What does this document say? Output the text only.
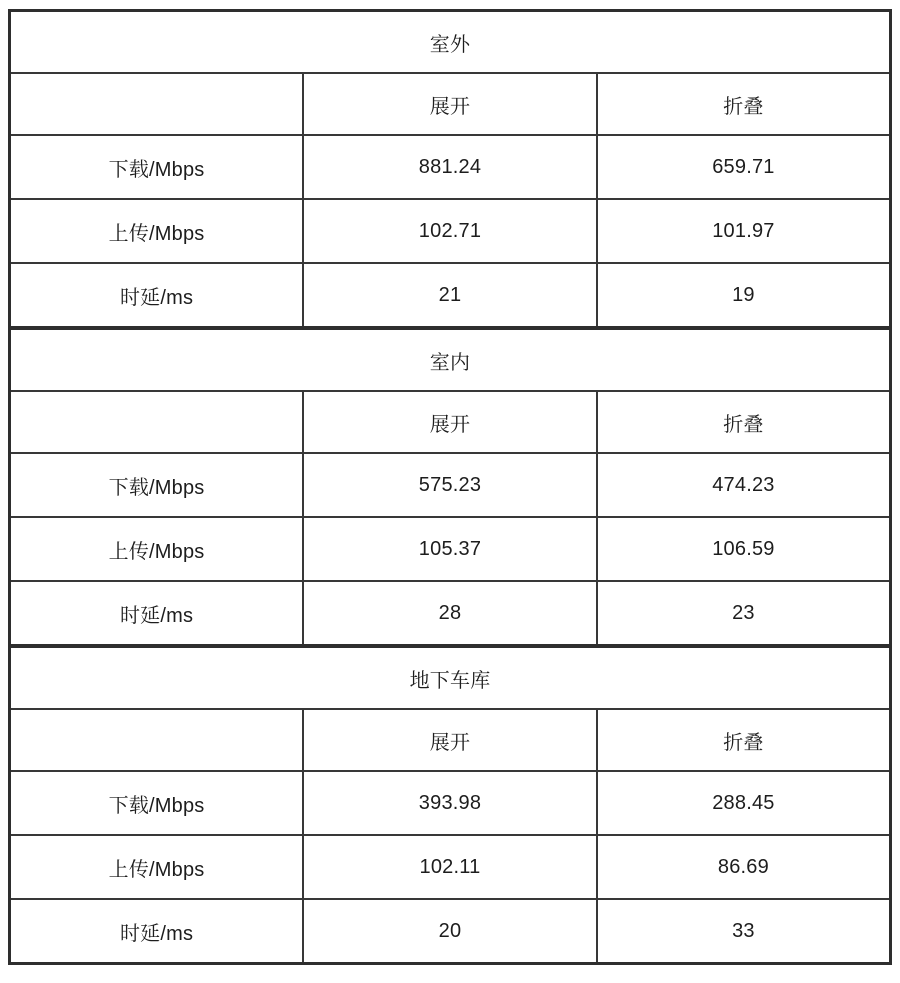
室外		
	展开	折叠
下载/Mbps	881.24	659.71
上传/Mbps	102.71	101.97
时延/ms	21	19
室内		
	展开	折叠
下载/Mbps	575.23	474.23
上传/Mbps	105.37	106.59
时延/ms	28	23
地下车库		
	展开	折叠
下载/Mbps	393.98	288.45
上传/Mbps	102.11	86.69
时延/ms	20	33
